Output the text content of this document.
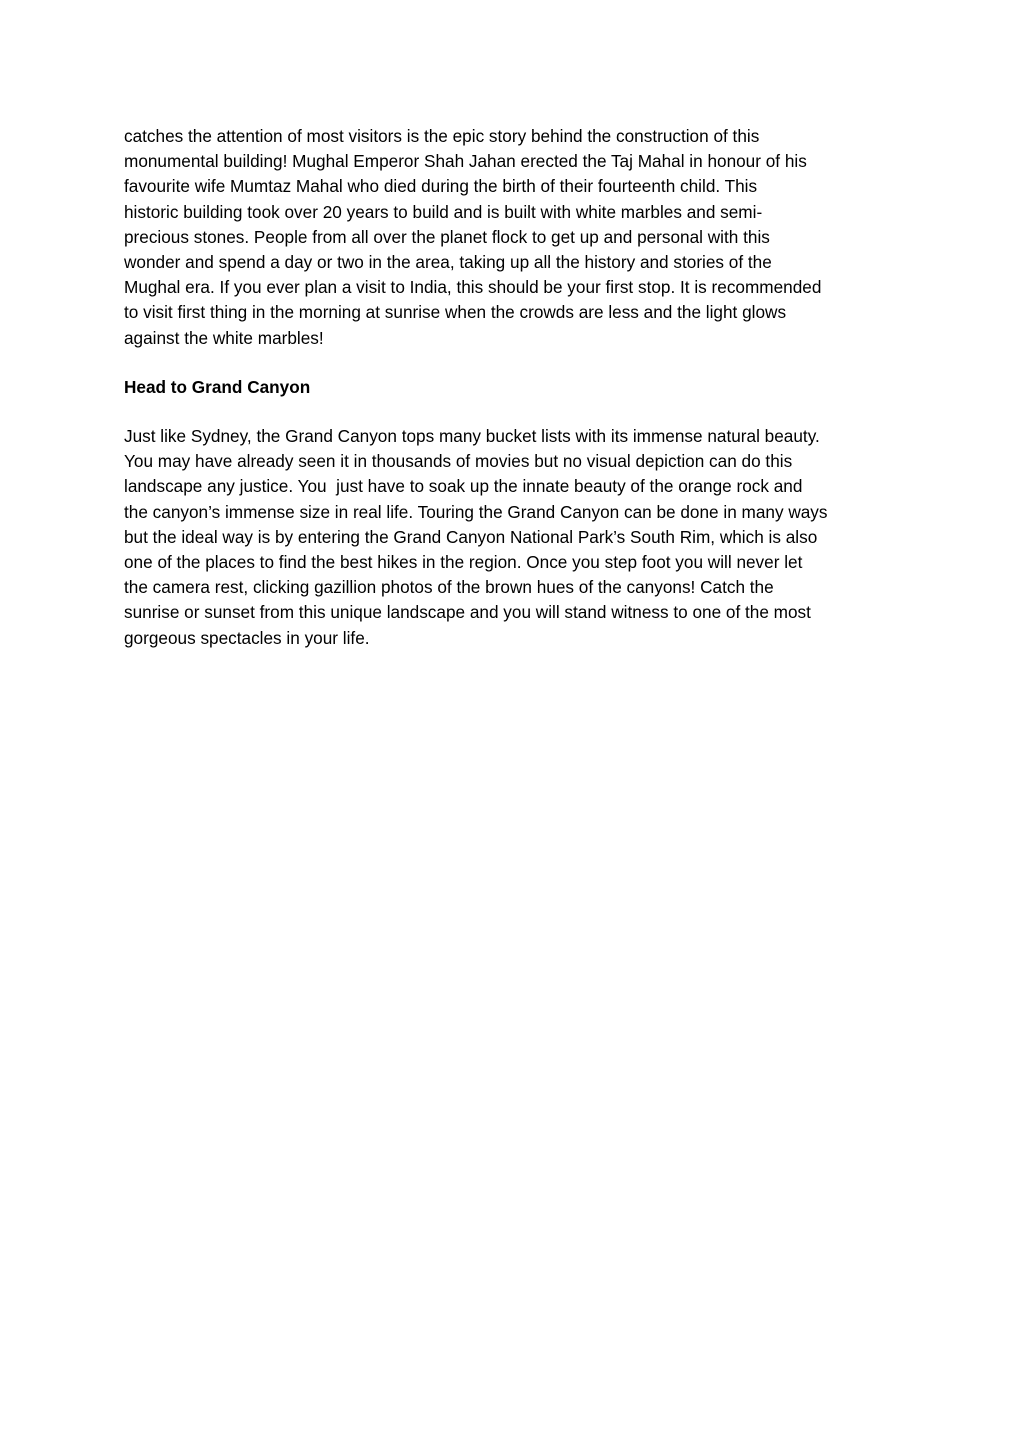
catches the attention of most visitors is the epic story behind the construction of this
monumental building! Mughal Emperor Shah Jahan erected the Taj Mahal in honour of his
favourite wife Mumtaz Mahal who died during the birth of their fourteenth child. This
historic building took over 20 years to build and is built with white marbles and semi-
precious stones. People from all over the planet flock to get up and personal with this
wonder and spend a day or two in the area, taking up all the history and stories of the
Mughal era. If you ever plan a visit to India, this should be your first stop. It is recommended
to visit first thing in the morning at sunrise when the crowds are less and the light glows
against the white marbles!
Head to Grand Canyon
Just like Sydney, the Grand Canyon tops many bucket lists with its immense natural beauty.
You may have already seen it in thousands of movies but no visual depiction can do this
landscape any justice. You  just have to soak up the innate beauty of the orange rock and
the canyon’s immense size in real life. Touring the Grand Canyon can be done in many ways
but the ideal way is by entering the Grand Canyon National Park’s South Rim, which is also
one of the places to find the best hikes in the region. Once you step foot you will never let
the camera rest, clicking gazillion photos of the brown hues of the canyons! Catch the
sunrise or sunset from this unique landscape and you will stand witness to one of the most
gorgeous spectacles in your life.
